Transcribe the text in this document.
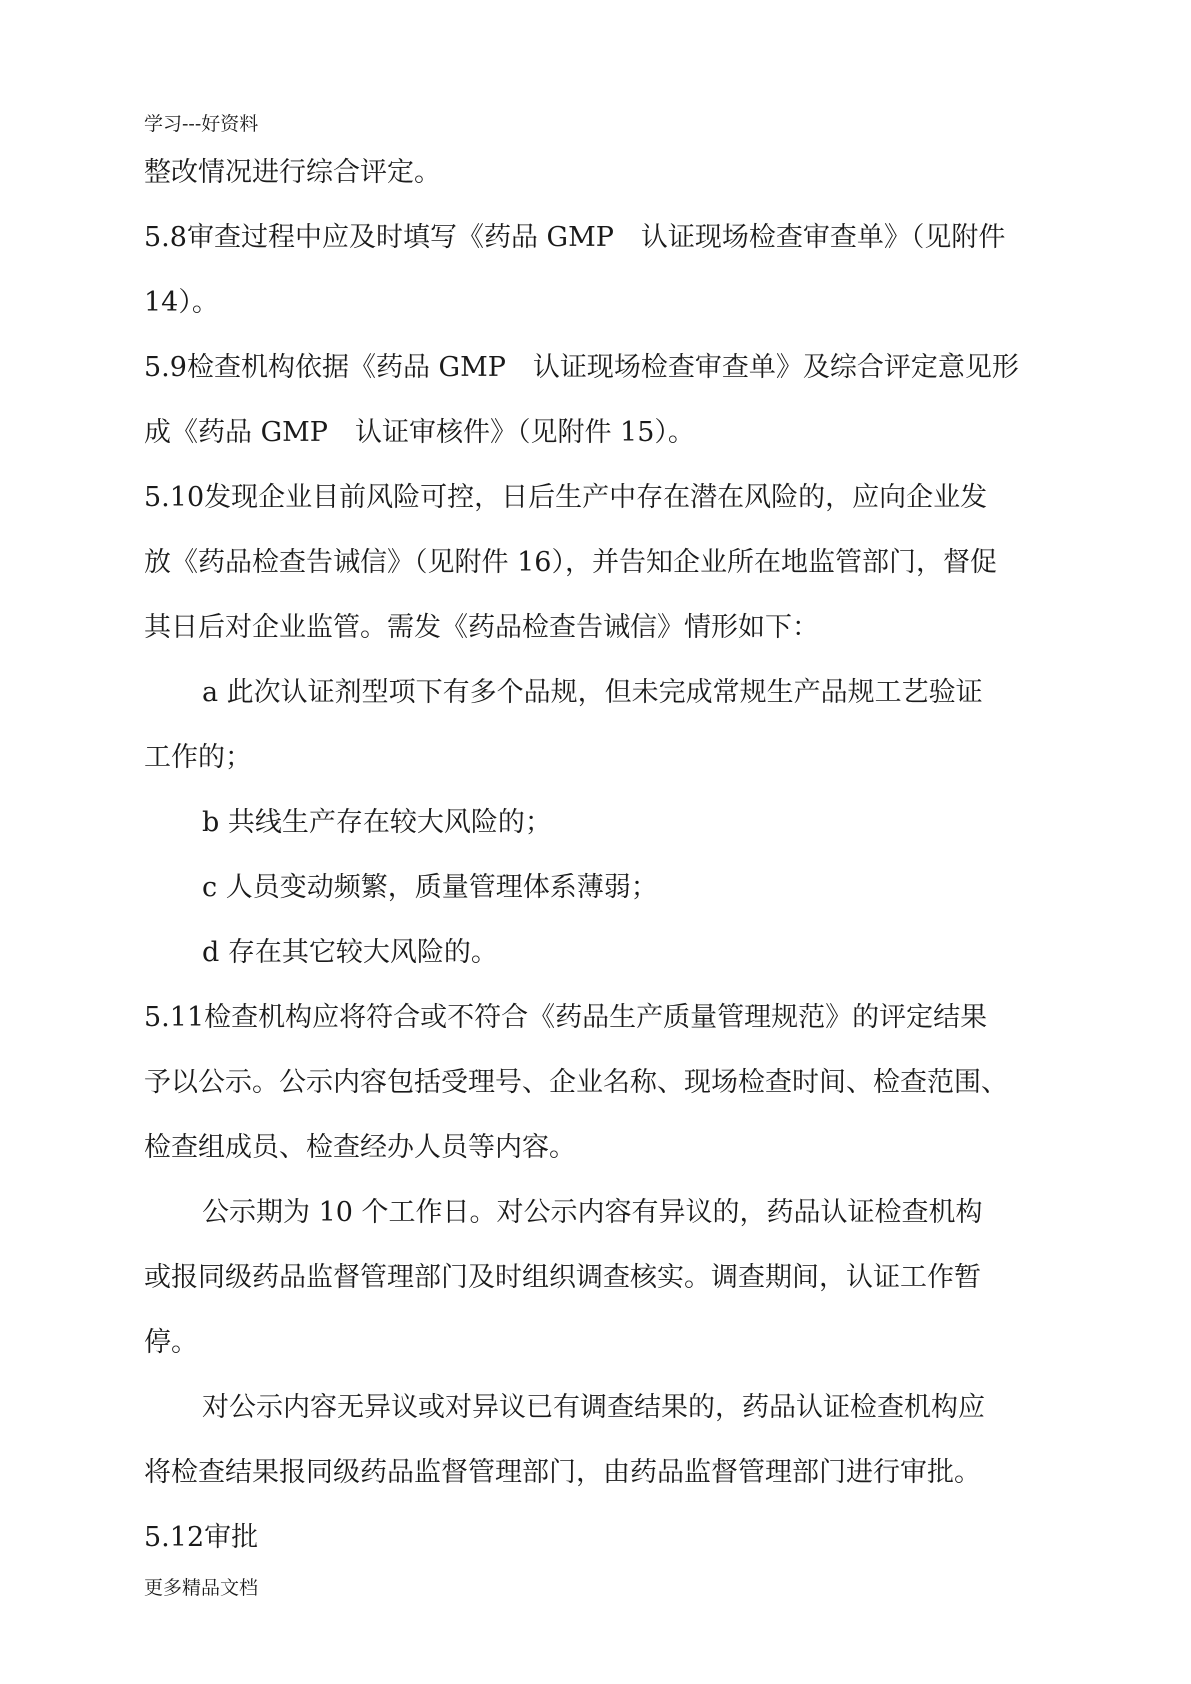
学习---好资料
整改情况进行综合评定。
5.8审查过程中应及时填写《药品 GMP　认证现场检查审查单》（见附件
14）。
5.9检查机构依据《药品 GMP　认证现场检查审查单》及综合评定意见形
成《药品 GMP　认证审核件》（见附件 15）。
5.10发现企业目前风险可控，日后生产中存在潜在风险的，应向企业发
放《药品检查告诫信》（见附件 16），并告知企业所在地监管部门，督促
其日后对企业监管。需发《药品检查告诫信》情形如下：
a 此次认证剂型项下有多个品规，但未完成常规生产品规工艺验证
工作的；
b 共线生产存在较大风险的；
c 人员变动频繁，质量管理体系薄弱；
d 存在其它较大风险的。
5.11检查机构应将符合或不符合《药品生产质量管理规范》的评定结果
予以公示。公示内容包括受理号、企业名称、现场检查时间、检查范围、
检查组成员、检查经办人员等内容。
公示期为 10 个工作日。对公示内容有异议的，药品认证检查机构
或报同级药品监督管理部门及时组织调查核实。调查期间，认证工作暂
停。
对公示内容无异议或对异议已有调查结果的，药品认证检查机构应
将检查结果报同级药品监督管理部门，由药品监督管理部门进行审批。
5.12审批
更多精品文档
